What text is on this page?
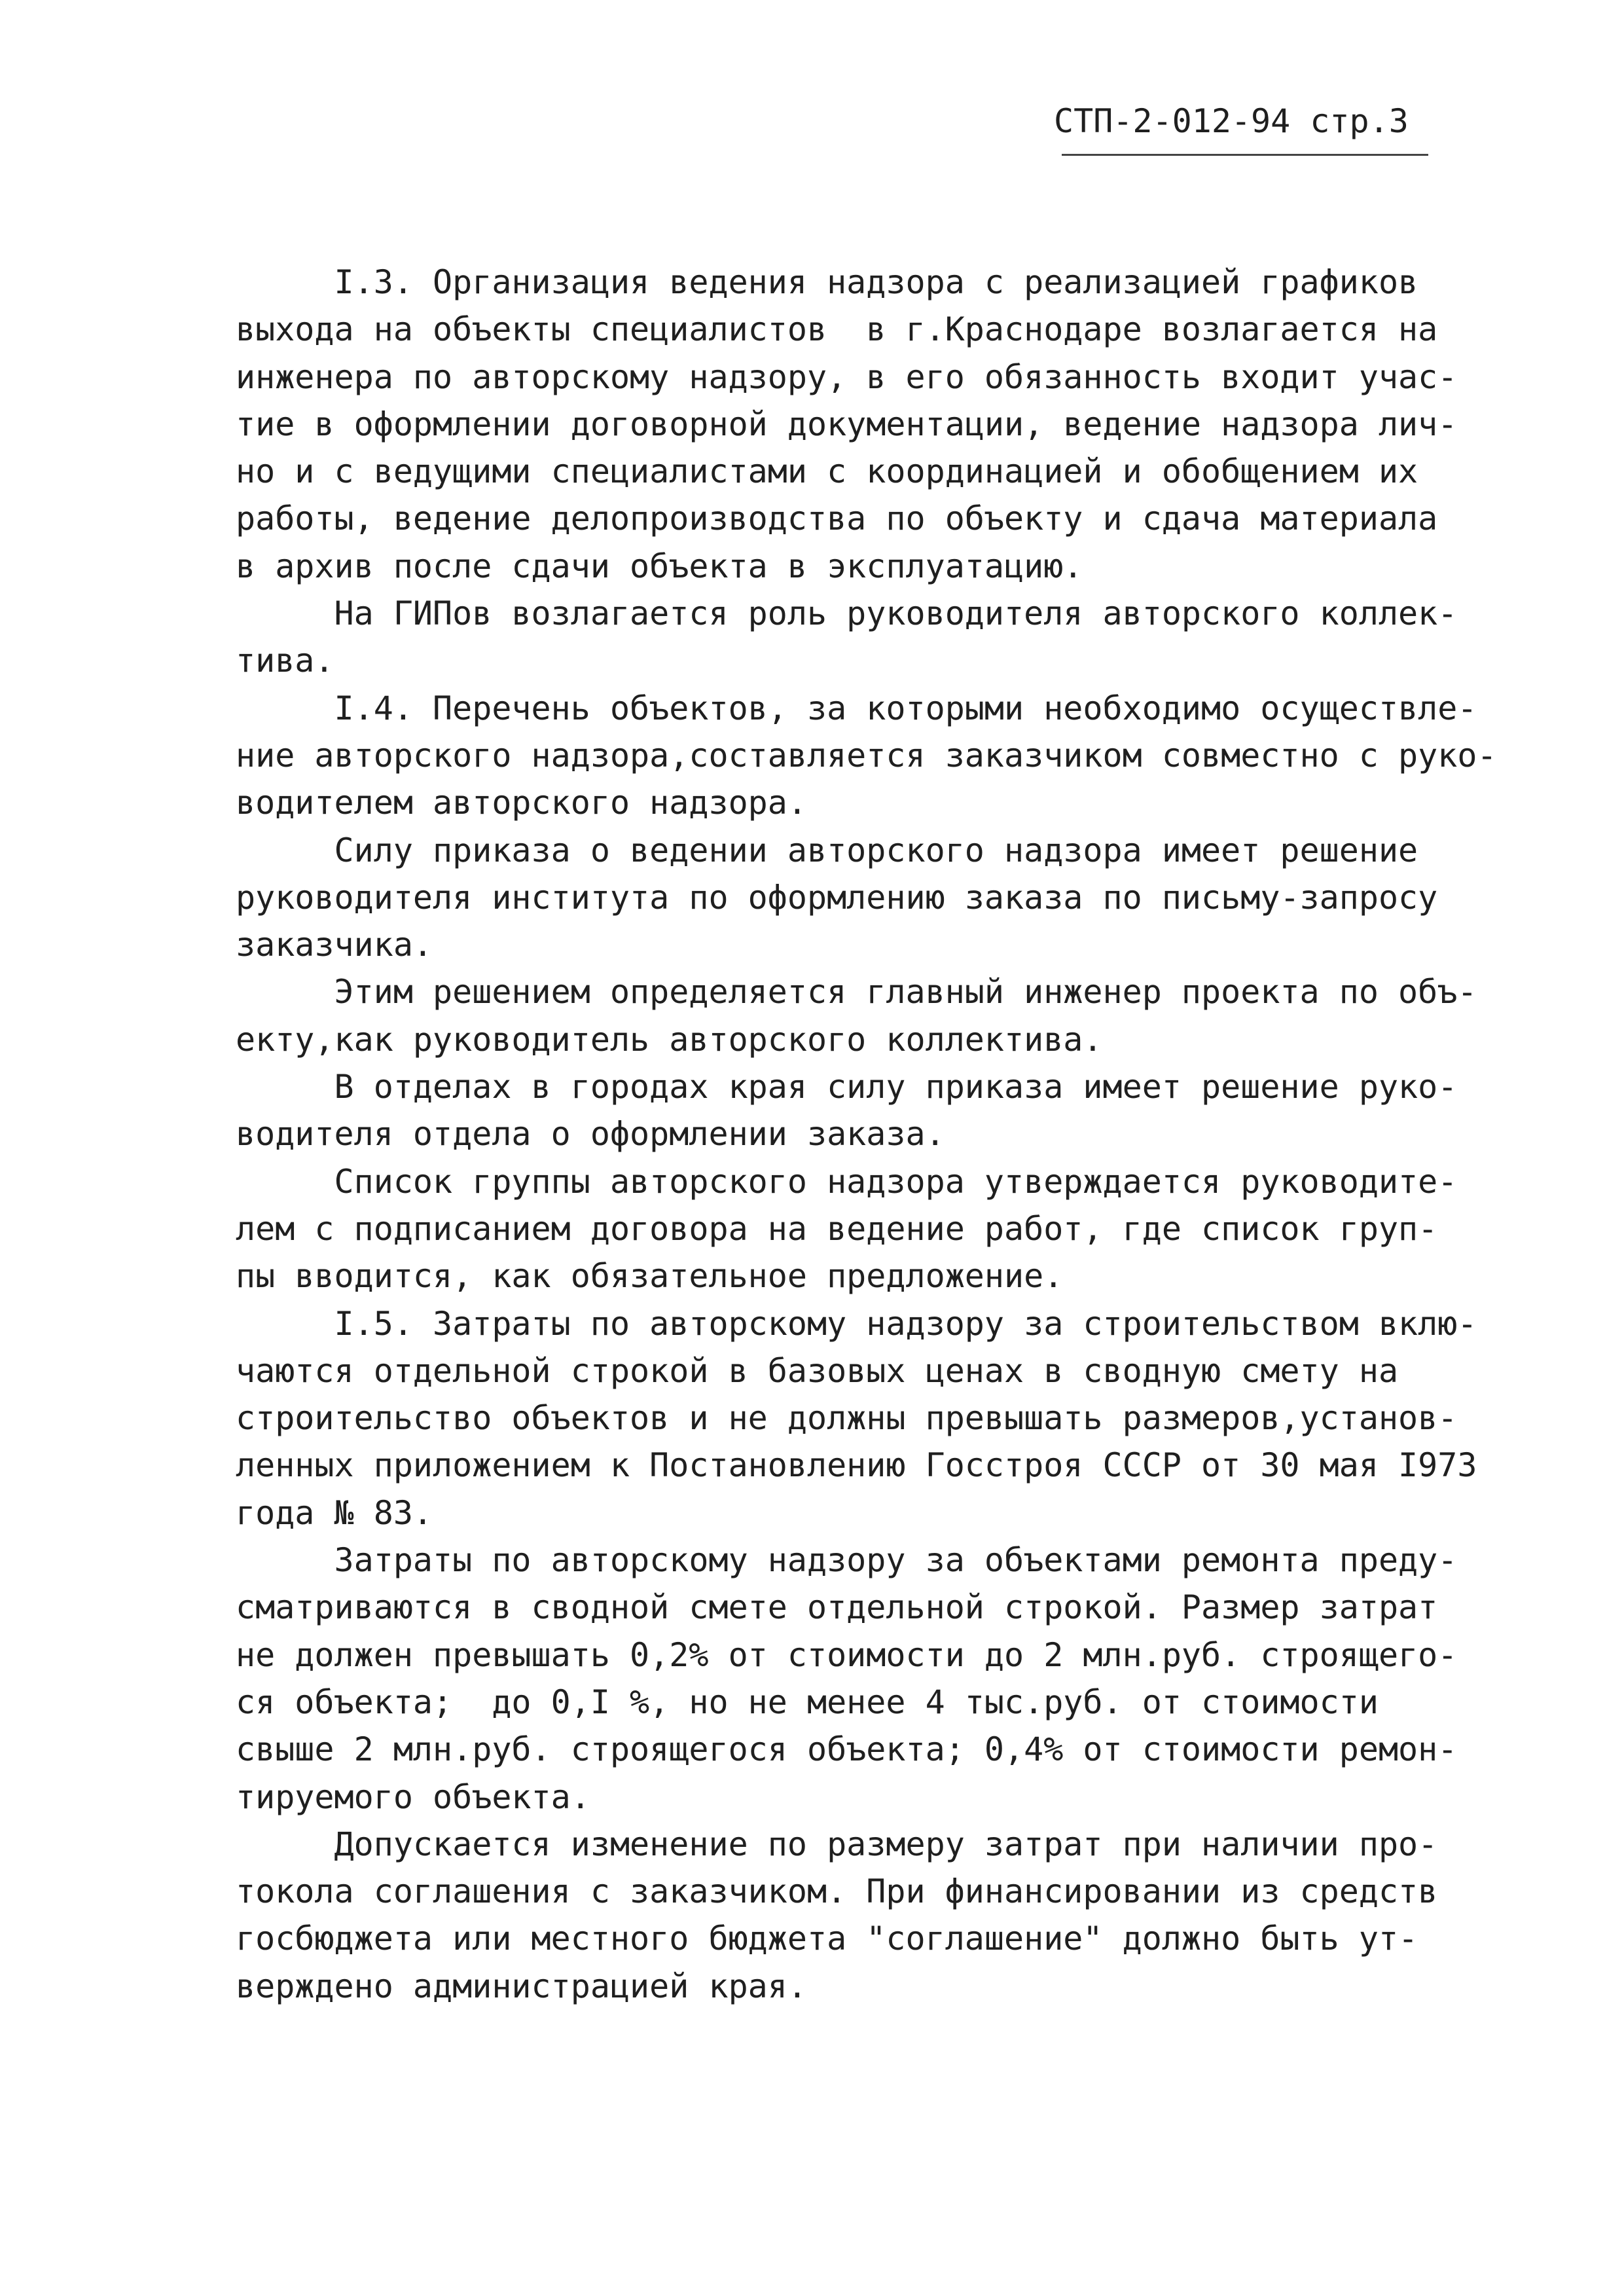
СТП-2-012-94 стр.3
I.3. Организация ведения надзора с реализацией графиков
выхода на объекты специалистов  в г.Краснодаре возлагается на
инженера по авторскому надзору, в его обязанность входит учас-
тие в оформлении договорной документации, ведение надзора лич-
но и с ведущими специалистами с координацией и обобщением их
работы, ведение делопроизводства по объекту и сдача материала
в архив после сдачи объекта в эксплуатацию.
На ГИПов возлагается роль руководителя авторского коллек-
тива.
I.4. Перечень объектов, за которыми необходимо осуществле-
ние авторского надзора,составляется заказчиком совместно с руко-
водителем авторского надзора.
Силу приказа о ведении авторского надзора имеет решение
руководителя института по оформлению заказа по письму-запросу
заказчика.
Этим решением определяется главный инженер проекта по объ-
екту,как руководитель авторского коллектива.
В отделах в городах края силу приказа имеет решение руко-
водителя отдела о оформлении заказа.
Список группы авторского надзора утверждается руководите-
лем с подписанием договора на ведение работ, где список груп-
пы вводится, как обязательное предложение.
I.5. Затраты по авторскому надзору за строительством вклю-
чаются отдельной строкой в базовых ценах в сводную смету на
строительство объектов и не должны превышать размеров,установ-
ленных приложением к Постановлению Госстроя СССР от 30 мая I973
года № 83.
Затраты по авторскому надзору за объектами ремонта преду-
сматриваются в сводной смете отдельной строкой. Размер затрат
не должен превышать 0,2% от стоимости до 2 млн.руб. строящего-
ся объекта;  до 0,I %, но не менее 4 тыс.руб. от стоимости
свыше 2 млн.руб. строящегося объекта; 0,4% от стоимости ремон-
тируемого объекта.
Допускается изменение по размеру затрат при наличии про-
токола соглашения с заказчиком. При финансировании из средств
госбюджета или местного бюджета "соглашение" должно быть ут-
верждено администрацией края.
